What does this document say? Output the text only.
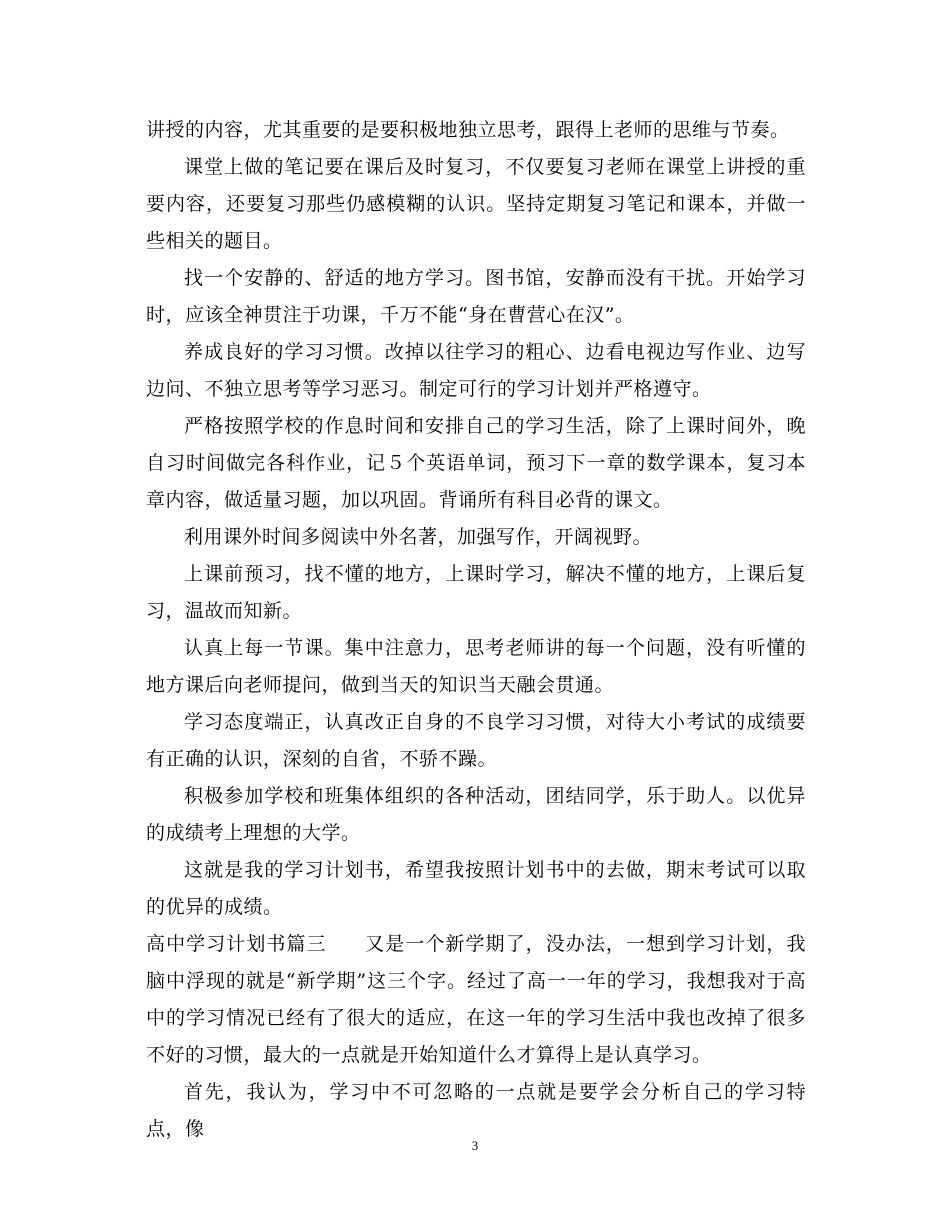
讲授的内容，尤其重要的是要积极地独立思考，跟得上老师的思维与节奏。

课堂上做的笔记要在课后及时复习，不仅要复习老师在课堂上讲授的重要内容，还要复习那些仍感模糊的认识。坚持定期复习笔记和课本，并做一些相关的题目。

找一个安静的、舒适的地方学习。图书馆，安静而没有干扰。开始学习时，应该全神贯注于功课，千万不能“身在曹营心在汉”。

养成良好的学习习惯。改掉以往学习的粗心、边看电视边写作业、边写边问、不独立思考等学习恶习。制定可行的学习计划并严格遵守。

严格按照学校的作息时间和安排自己的学习生活，除了上课时间外，晚自习时间做完各科作业，记５个英语单词，预习下一章的数学课本，复习本章内容，做适量习题，加以巩固。背诵所有科目必背的课文。

利用课外时间多阅读中外名著，加强写作，开阔视野。

上课前预习，找不懂的地方，上课时学习，解决不懂的地方，上课后复习，温故而知新。

认真上每一节课。集中注意力，思考老师讲的每一个问题，没有听懂的地方课后向老师提问，做到当天的知识当天融会贯通。

学习态度端正，认真改正自身的不良学习习惯，对待大小考试的成绩要有正确的认识，深刻的自省，不骄不躁。

积极参加学校和班集体组织的各种活动，团结同学，乐于助人。以优异的成绩考上理想的大学。

这就是我的学习计划书，希望我按照计划书中的去做，期末考试可以取的优异的成绩。

高中学习计划书篇三 又是一个新学期了，没办法，一想到学习计划，我脑中浮现的就是“新学期”这三个字。经过了高一一年的学习，我想我对于高中的学习情况已经有了很大的适应，在这一年的学习生活中我也改掉了很多不好的习惯，最大的一点就是开始知道什么才算得上是认真学习。

首先，我认为，学习中不可忽略的一点就是要学会分析自己的学习特点，像

3
